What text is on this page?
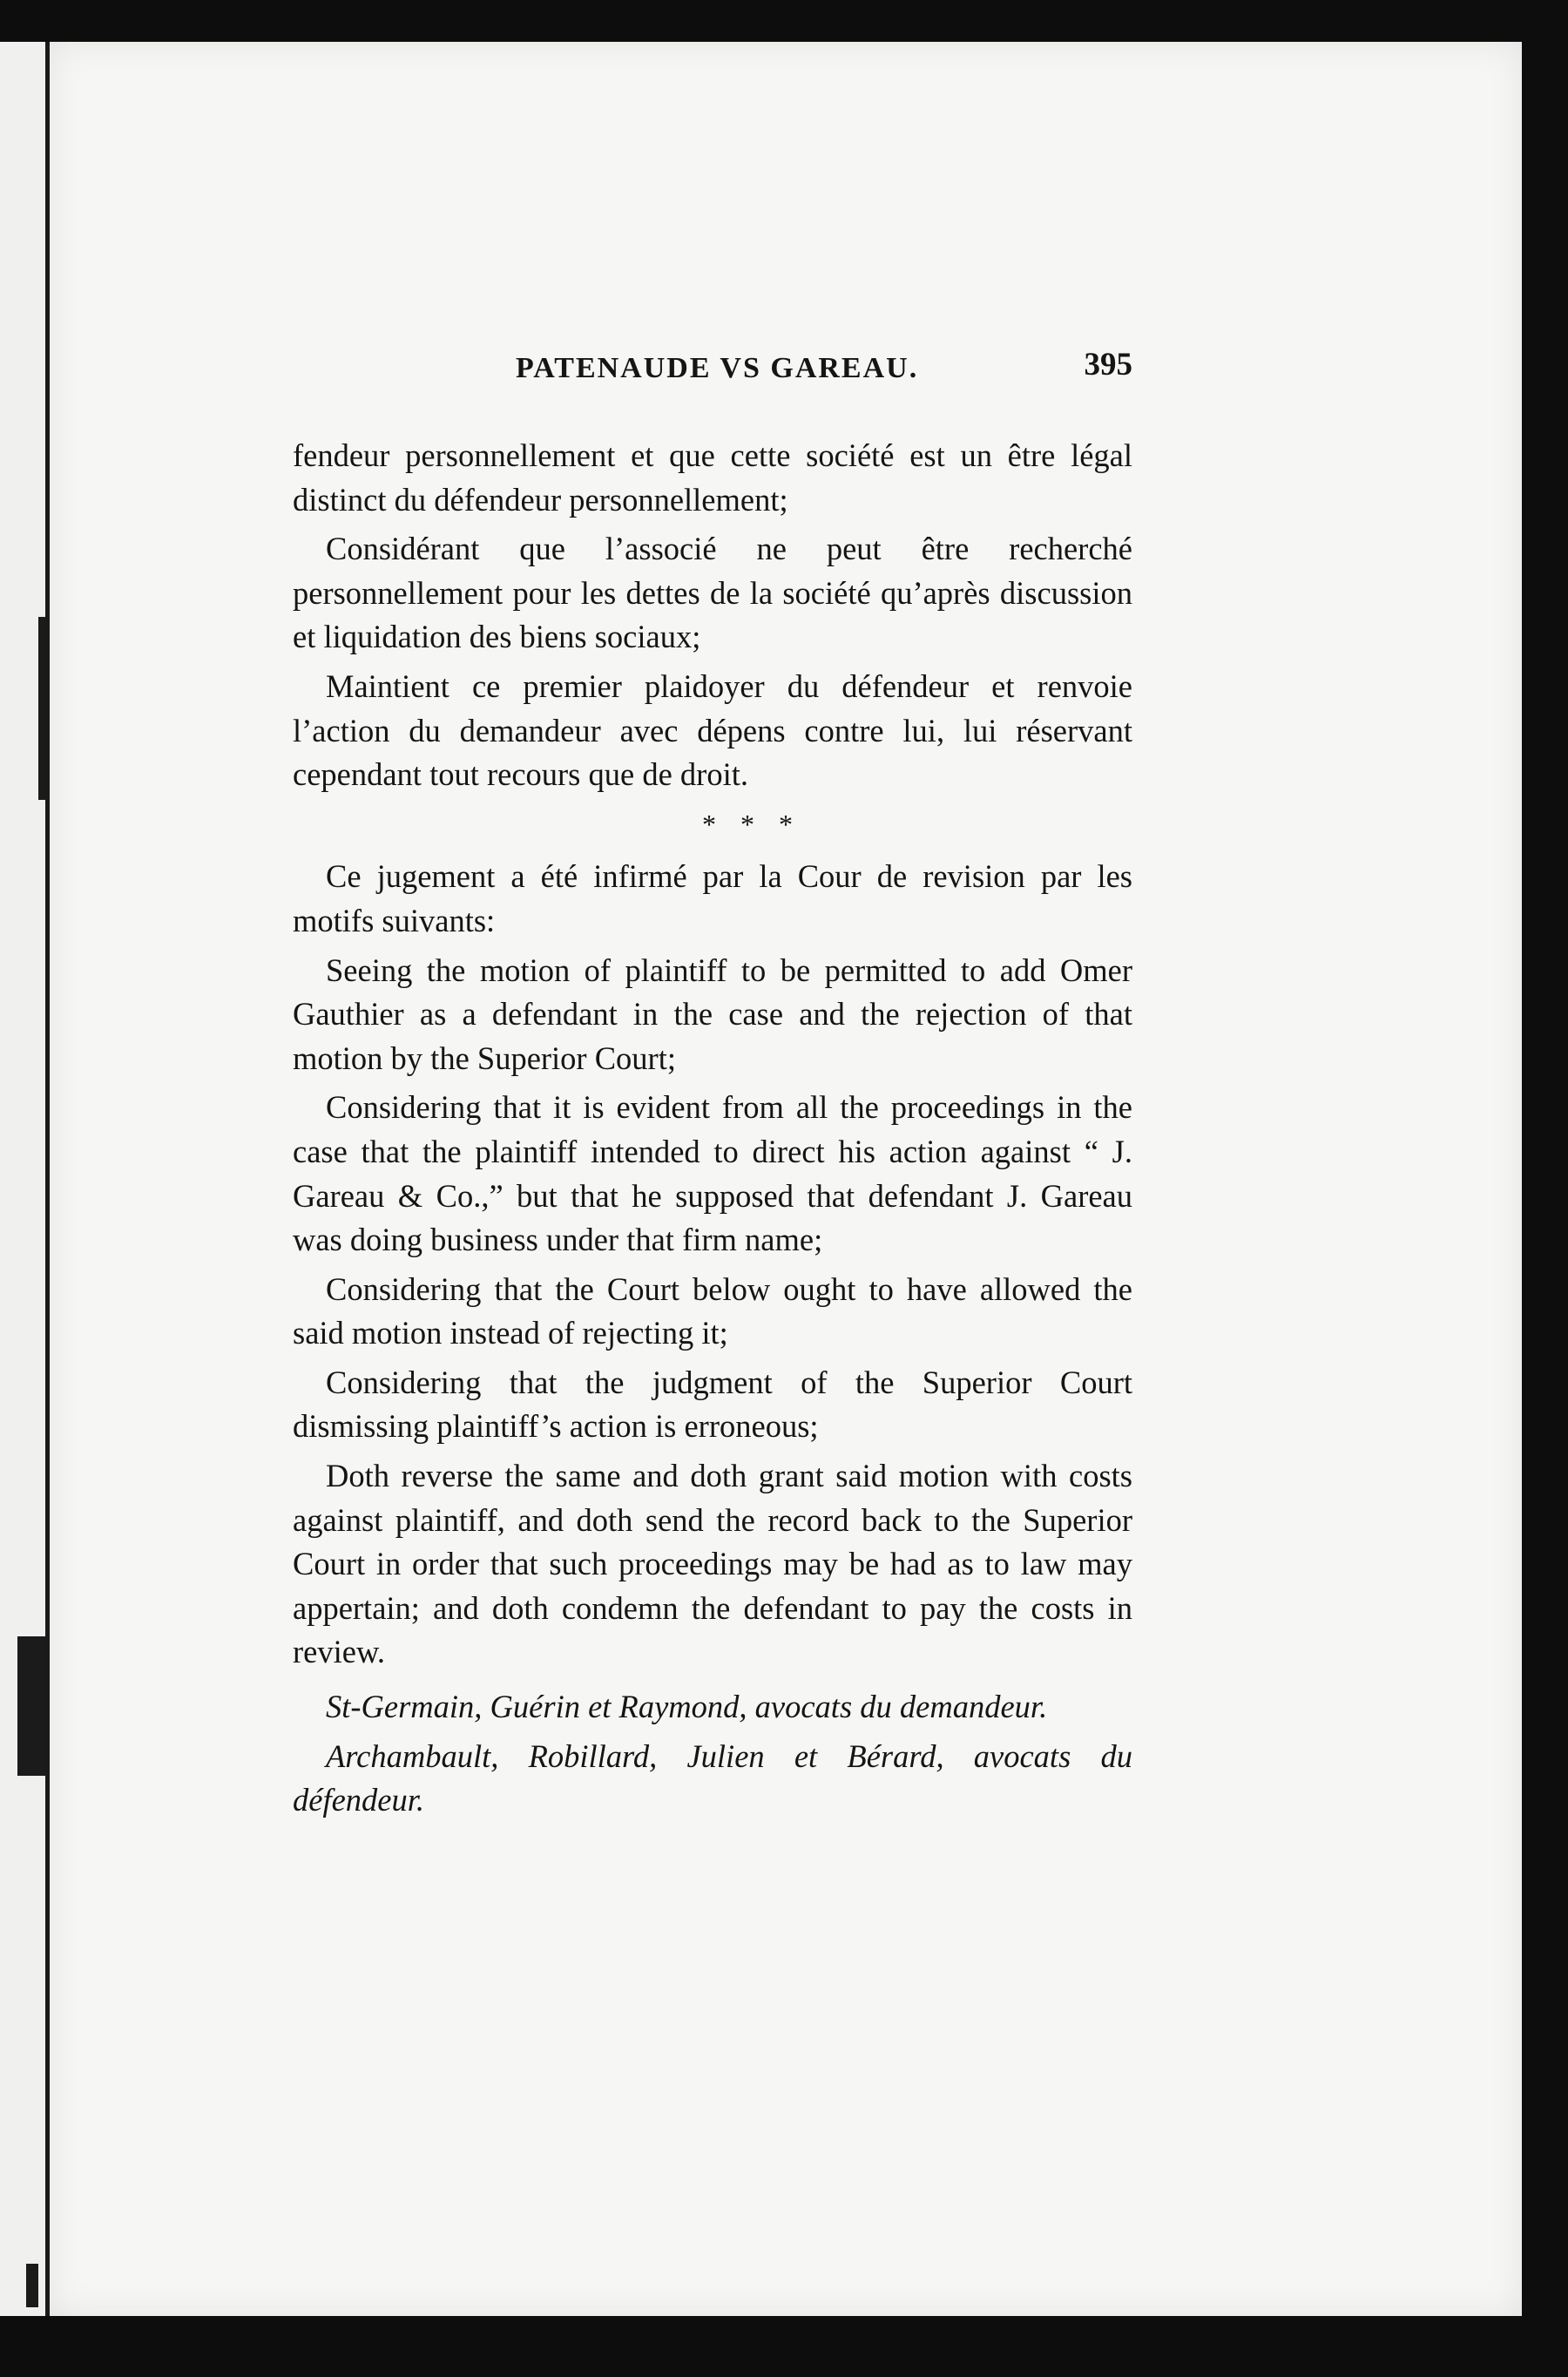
PATENAUDE VS GAREAU.	395

fendeur personnellement et que cette société est un être légal distinct du défendeur personnellement;

Considérant que l’associé ne peut être recherché personnellement pour les dettes de la société qu’après discussion et liquidation des biens sociaux;

Maintient ce premier plaidoyer du défendeur et renvoie l’action du demandeur avec dépens contre lui, lui réservant cependant tout recours que de droit.

* * *

Ce jugement a été infirmé par la Cour de revision par les motifs suivants:

Seeing the motion of plaintiff to be permitted to add Omer Gauthier as a defendant in the case and the rejection of that motion by the Superior Court;

Considering that it is evident from all the proceedings in the case that the plaintiff intended to direct his action against “ J. Gareau & Co.,” but that he supposed that defendant J. Gareau was doing business under that firm name;

Considering that the Court below ought to have allowed the said motion instead of rejecting it;

Considering that the judgment of the Superior Court dismissing plaintiff’s action is erroneous;

Doth reverse the same and doth grant said motion with costs against plaintiff, and doth send the record back to the Superior Court in order that such proceedings may be had as to law may appertain; and doth condemn the defendant to pay the costs in review.

St-Germain, Guérin et Raymond, avocats du demandeur.

Archambault, Robillard, Julien et Bérard, avocats du défendeur.
